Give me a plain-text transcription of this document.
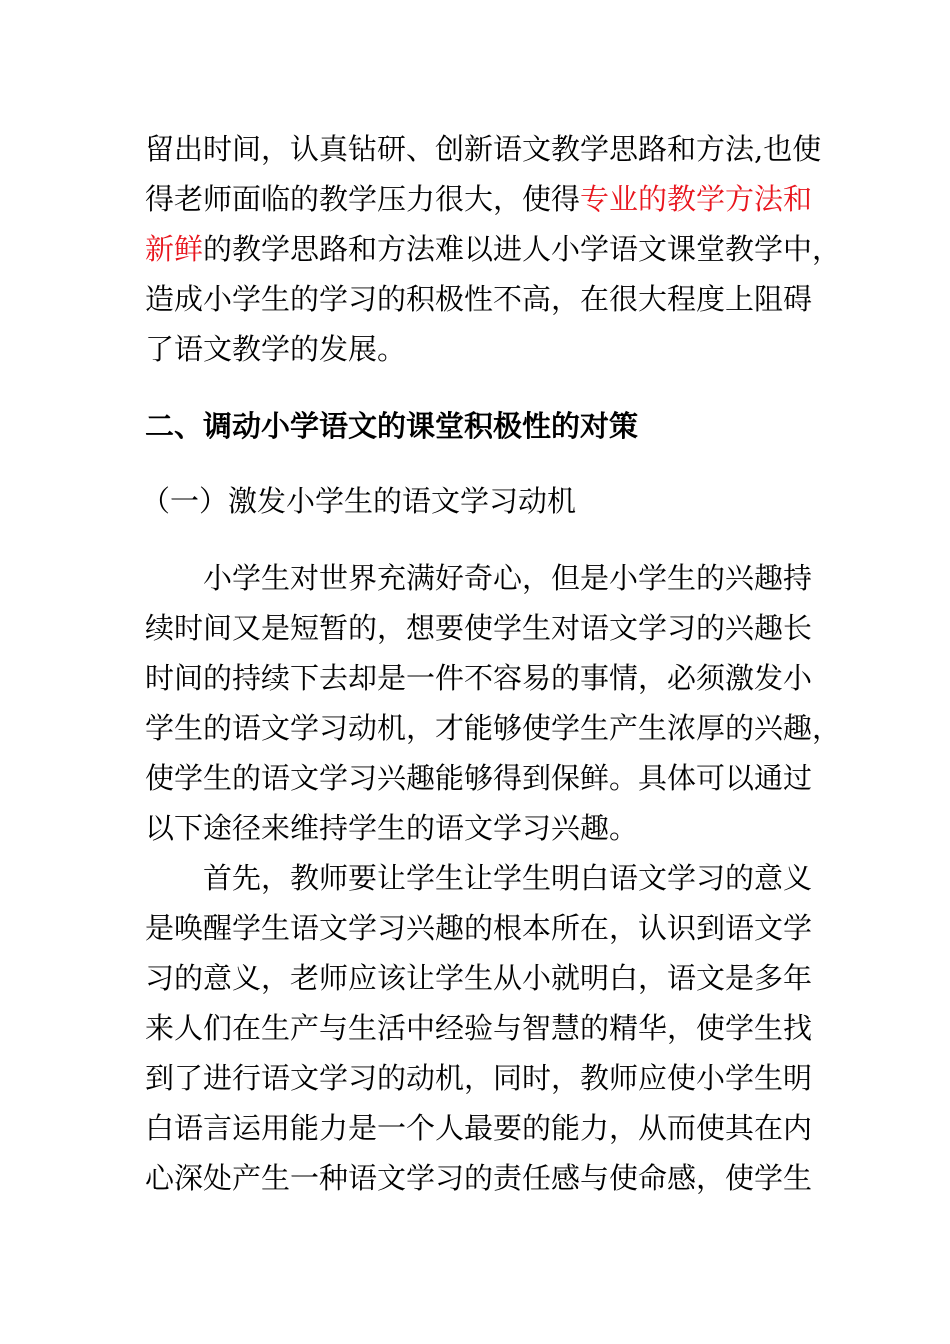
留出时间，认真钻研、创新语文教学思路和方法,也使
得老师面临的教学压力很大，使得专业的教学方法和
新鲜的教学思路和方法难以进人小学语文课堂教学中，
造成小学生的学习的积极性不高，在很大程度上阻碍
了语文教学的发展。
二、调动小学语文的课堂积极性的对策
（一）激发小学生的语文学习动机
小学生对世界充满好奇心，但是小学生的兴趣持
续时间又是短暂的，想要使学生对语文学习的兴趣长
时间的持续下去却是一件不容易的事情，必须激发小
学生的语文学习动机，才能够使学生产生浓厚的兴趣，
使学生的语文学习兴趣能够得到保鲜。具体可以通过
以下途径来维持学生的语文学习兴趣。
首先，教师要让学生让学生明白语文学习的意义
是唤醒学生语文学习兴趣的根本所在，认识到语文学
习的意义，老师应该让学生从小就明白，语文是多年
来人们在生产与生活中经验与智慧的精华，使学生找
到了进行语文学习的动机，同时，教师应使小学生明
白语言运用能力是一个人最要的能力，从而使其在内
心深处产生一种语文学习的责任感与使命感，使学生
